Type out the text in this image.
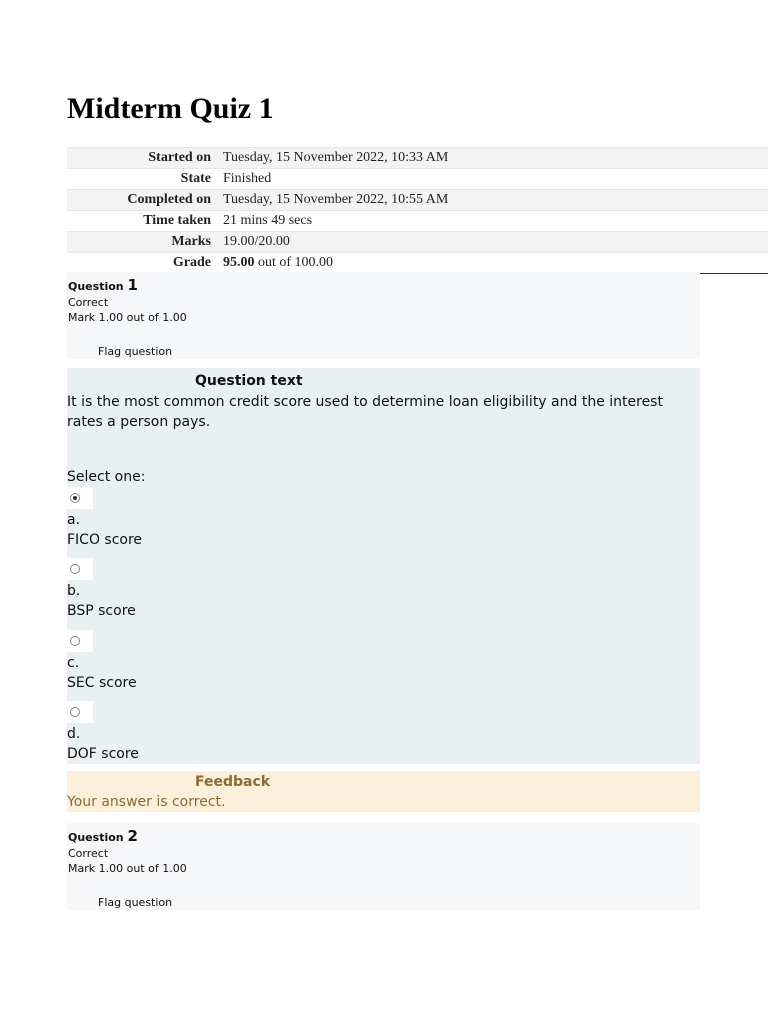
Midterm Quiz 1
Started on	Tuesday, 15 November 2022, 10:33 AM
State	Finished
Completed on	Tuesday, 15 November 2022, 10:55 AM
Time taken	21 mins 49 secs
Marks	19.00/20.00
Grade	95.00 out of 100.00
Question 1
Correct
Mark 1.00 out of 1.00
Flag question
Question text
It is the most common credit score used to determine loan eligibility and the interest rates a person pays.
Select one:
a.
FICO score
b.
BSP score
c.
SEC score
d.
DOF score
Feedback
Your answer is correct.
Question 2
Correct
Mark 1.00 out of 1.00
Flag question
